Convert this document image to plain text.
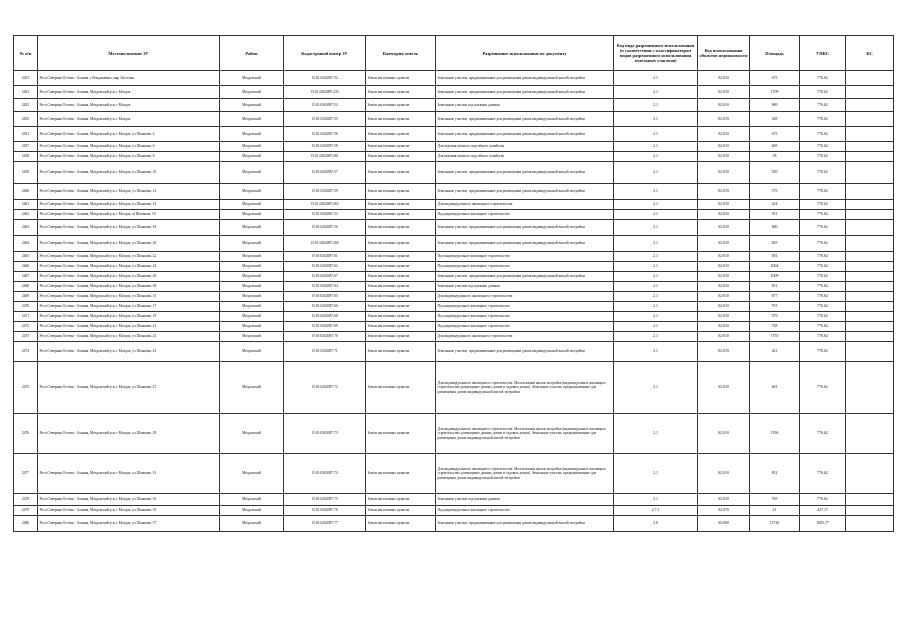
№ п/п	Местоположение ЗУ	Район	Кадастровый номер ЗУ	Категория земель	Разрешенное использование по документу	Код вида разрешенного использования (в соответствии с классификатором видов разрешенного использования земельных участков)	Код использования объектов недвижимости	Площадь	УПКС	КС
2453	Респ Северная Осетия - Алания, г Владикавказ, мкр Ласточка	Моздокский	15:01:0202087:52	Земли населенных пунктов	Земельные участки, предназначенные для размещения домов индивидуальной жилой застройки	2.1	02:010	675	776.62	
2453	Респ Северная Осетия - Алания, Моздокский р-н, г Моздок	Моздокский	15:01:0202087:233	Земли населенных пунктов	Земельные участки, предназначенные для размещения домов индивидуальной жилой застройки	2.1	02:010	1709	776.62	
2453	Респ Северная Осетия - Алания, Моздокский р-н, г Моздок	Моздокский	15:01:0202087:54	Земли населенных пунктов	Земельные участки под жилыми домами	2.1	02:010	969	776.62	
2455	Респ Северная Осетия - Алания, Моздокский р-н, г Моздок	Моздокский	15:01:0202087:55	Земли населенных пунктов	Земельные участки, предназначенные для размещения домов индивидуальной жилой застройки	2.1	02:010	548	776.62	
2451	Респ Северная Осетия - Алания, Моздокский р-н, г Моздок, ул Шлыкова, 2	Моздокский	15:01:0202087:56	Земли населенных пунктов	Земельные участки, предназначенные для размещения домов индивидуальной жилой застройки	2.1	02:010	675	776.62	
2457	Респ Северная Осетия - Алания, Моздокский р-н, г Моздок, ул Шлыкова, 6	Моздокский	15:01:0202087:58	Земли населенных пунктов	Для ведения личного подсобного хозяйства	2.1	02:010	605	776.62	
2458	Респ Северная Осетия - Алания, Моздокский р-н, г Моздок, ул Шлыкова, 8	Моздокский	15:01:0202087:261	Земли населенных пунктов	Для ведения личного подсобного хозяйства	2.1	02:010	58	776.62	
2459	Респ Северная Осетия - Алания, Моздокский р-н, г Моздок, ул Шлыкова, 10	Моздокский	15:01:0202087:57	Земли населенных пунктов	Земельные участки, предназначенные для размещения домов индивидуальной жилой застройки	2.1	02:010	550	776.62	
2460	Респ Северная Осетия - Алания, Моздокский р-н, г Моздок, ул Шлыкова, 12	Моздокский	15:01:0202087:59	Земли населенных пунктов	Земельные участки, предназначенные для размещения домов индивидуальной жилой застройки	2.1	02:010	575	776.62	
2461	Респ Северная Осетия - Алания, Моздокский р-н, г Моздок, ул Шлыкова, 14	Моздокский	15:01:0202087:263	Земли населенных пунктов	Для индивидуального жилищного строительства	2.1	02:010	424	776.62	
2462	Респ Северная Осетия - Алания, Моздокский р-н, г Моздок, ul Шлыкова, 16	Моздокский	15:01:0202087:53	Земли населенных пунктов	Под индивидуальное жилищное строительство	2.1	02:010	551	776.62	
2463	Респ Северная Осетия - Алания, Моздокский р-н, г Моздок, ул Шлыкова, 18	Моздокский	15:01:0202087:56	Земли населенных пунктов	Земельные участки, предназначенные для размещения домов индивидуальной жилой застройки	2.1	02:010	600	776.62	
2464	Респ Северная Осетия - Алания, Моздокский р-н, г Моздок, ул Шлыкова, 20	Моздокский	15:01:0202087:260	Земли населенных пунктов	Земельные участки, предназначенные для размещения домов индивидуальной жилой застройки	2.1	02:010	825	776.62	
2465	Респ Северная Осетия - Алания, Моздокский р-н, г Моздок, ул Шлыкова, 22	Моздокский	15:01:0202087:61	Земли населенных пунктов	Под индивидуальное жилищное строительство	2.1	02:010	581	776.62	
2466	Респ Северная Осетия - Алания, Моздокский р-н, г Моздок, ул Шлыкова, 24	Моздокский	15:01:0202087:62	Земли населенных пунктов	Под индивидуальное жилищное строительство	2.1	02:010	1004	776.62	
2467	Респ Северная Осетия - Алания, Моздокский р-н, г Моздок, ул Шлыкова, 26	Моздокский	15:01:0202087:67	Земли населенных пунктов	Земельные участки, предназначенные для размещения домов индивидуальной жилой застройки	2.1	02:010	1009	776.62	
2468	Респ Северная Осетия - Алания, Моздокский р-н, г Моздок, ул Шлыкова, 28	Моздокский	15:01:0202087:64	Земли населенных пунктов	Земельные участки под жилыми домами	2.1	02:010	812	776.62	
2469	Респ Северная Осетия - Алания, Моздокский р-н, г Моздок, ул Шлыкова, 15	Моздокский	15:01:0202087:65	Земли населенных пунктов	Для индивидуального жилищного строительства	2.1	02:010	677	776.62	
2470	Респ Северная Осетия - Алания, Моздокский р-н, г Моздок, ул Шлыкова, 17	Моздокский	15:01:0202087:66	Земли населенных пунктов	Под индивидуальное жилищное строительство	2.1	02:010	701	776.62	
2471	Респ Северная Осетия - Алания, Моздокский р-н, г Моздок, ул Шлыкова, 19	Моздокский	15:01:0202087:68	Земли населенных пунктов	Под индивидуальное жилищное строительство	2.1	02:010	579	776.62	
2472	Респ Северная Осетия - Алания, Моздокский р-н, г Моздок, ул Шлыкова, 21	Моздокский	15:01:0202087:69	Земли населенных пунктов	Под индивидуальное жилищное строительство	2.1	02:010	728	776.62	
2473	Респ Северная Осетия - Алания, Моздокский р-н, г Моздок, ул Шлыкова, 23	Моздокский	15:01:0202087:70	Земли населенных пунктов	Для индивидуального жилищного строительства	2.1	02:010	1755	776.62	
2474	Респ Северная Осетия - Алания, Моздокский р-н, г Моздок, ул Шлыкова, 25	Моздокский	15:01:0202087:71	Земли населенных пунктов	Земельные участки, предназначенные для размещения домов индивидуальной жилой застройки	2.1	02:010	421	776.62	
2475	Респ Северная Осетия - Алания, Моздокский р-н, г Моздок, ул Шлыкова, 27	Моздокский	15:01:0202087:72	Земли населенных пунктов	Для индивидуального жилищного строительства. Малоэтажная жилая застройка (индивидуальное жилищное строительство; размещение дачных домов и садовых домов). Земельные участки, предназначенные для размещения домов индивидуальной жилой застройки	2.1	02:010	461	776.62	
2476	Респ Северная Осетия - Алания, Моздокский р-н, г Моздок, ул Шлыкова, 29	Моздокский	15:01:0202087:73	Земли населенных пунктов	Для индивидуального жилищного строительства. Малоэтажная жилая застройка (индивидуальное жилищное строительство; размещение дачных домов и садовых домов). Земельные участки, предназначенные для размещения домов индивидуальной жилой застройки	2.1	02:010	1594	776.62	
2477	Респ Северная Осетия - Алания, Моздокский р-н, г Моздок, ул Шлыкова, 31	Моздокский	15:01:0202087:74	Земли населенных пунктов	Для индивидуального жилищного строительства. Малоэтажная жилая застройка (индивидуальное жилищное строительство; размещение дачных домов и садовых домов). Земельные участки, предназначенные для размещения домов индивидуальной жилой застройки	2.1	02:010	812	776.62	
2478	Респ Северная Осетия - Алания, Моздокский р-н, г Моздок, ул Шлыкова, 33	Моздокский	15:01:0202087:75	Земли населенных пунктов	Земельные участки под жилыми домами	2.1	02:010	765	776.62	
2479	Респ Северная Осетия - Алания, Моздокский р-н, г Моздок, ул Шлыкова, 35	Моздокский	15:01:0202087:76	Земли населенных пунктов	Под индивидуальное жилищное строительство	2.7.1	02:070	21	427.17	
2480	Респ Северная Осетия - Алания, Моздокский р-н, г Моздок, ул Шлыкова, 37	Моздокский	15:01:0202087:77	Земли населенных пунктов	Земельные участки, предназначенные для размещения домов индивидуальной жилой застройки	2.0	02:060	15720	1005.77	
